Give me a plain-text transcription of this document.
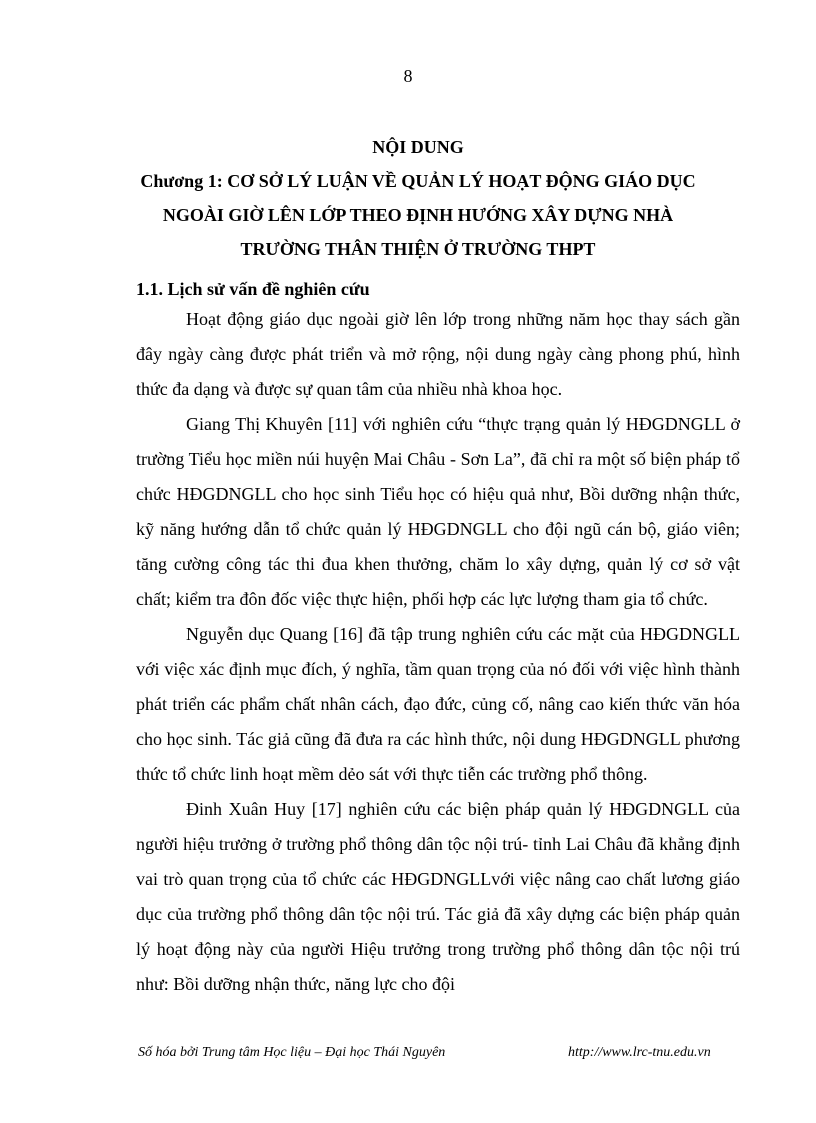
8
NỘI DUNG
Chương 1: CƠ SỞ LÝ LUẬN VỀ QUẢN LÝ HOẠT ĐỘNG GIÁO DỤC
NGOÀI GIỜ LÊN LỚP THEO ĐỊNH HƯỚNG XÂY DỰNG NHÀ
TRƯỜNG THÂN THIỆN Ở TRƯỜNG THPT
1.1. Lịch sử vấn đề nghiên cứu

Hoạt động giáo dục ngoài giờ lên lớp trong những năm học thay sách gần đây ngày càng được phát triển và mở rộng, nội dung ngày càng phong phú, hình thức đa dạng và được sự quan tâm của nhiều nhà khoa học.

Giang Thị Khuyên [11] với nghiên cứu “thực trạng quản lý HĐGDNGLL ở trường Tiểu học miền núi huyện Mai Châu - Sơn La”, đã chỉ ra một số biện pháp tổ chức HĐGDNGLL cho học sinh Tiểu học có hiệu quả như, Bồi dưỡng nhận thức, kỹ năng hướng dẫn tổ chức quản lý HĐGDNGLL cho đội ngũ cán bộ, giáo viên; tăng cường công tác thi đua khen thưởng, chăm lo xây dựng, quản lý cơ sở vật chất; kiểm tra đôn đốc việc thực hiện, phối hợp các lực lượng tham gia tổ chức.

Nguyễn dục Quang [16] đã tập trung nghiên cứu các mặt của HĐGDNGLL với việc xác định mục đích, ý nghĩa, tầm quan trọng của nó đối với việc hình thành phát triển các phẩm chất nhân cách, đạo đức, củng cố, nâng cao kiến thức văn hóa cho học sinh. Tác giả cũng đã đưa ra các hình thức, nội dung HĐGDNGLL phương thức tổ chức linh hoạt mềm dẻo sát với thực tiễn các trường phổ thông.

Đinh Xuân Huy [17] nghiên cứu các biện pháp quản lý HĐGDNGLL của người hiệu trưởng ở trường phổ thông dân tộc nội trú- tỉnh Lai Châu đã khẳng định vai trò quan trọng của tổ chức các HĐGDNGLLvới việc nâng cao chất lương giáo dục của trường phổ thông dân tộc nội trú. Tác giả đã xây dựng các biện pháp quản lý hoạt động này của người Hiệu trưởng trong trường phổ thông dân tộc nội trú như: Bồi dưỡng nhận thức, năng lực cho đội

Số hóa bởi Trung tâm Học liệu – Đại học Thái Nguyên	http://www.lrc-tnu.edu.vn
